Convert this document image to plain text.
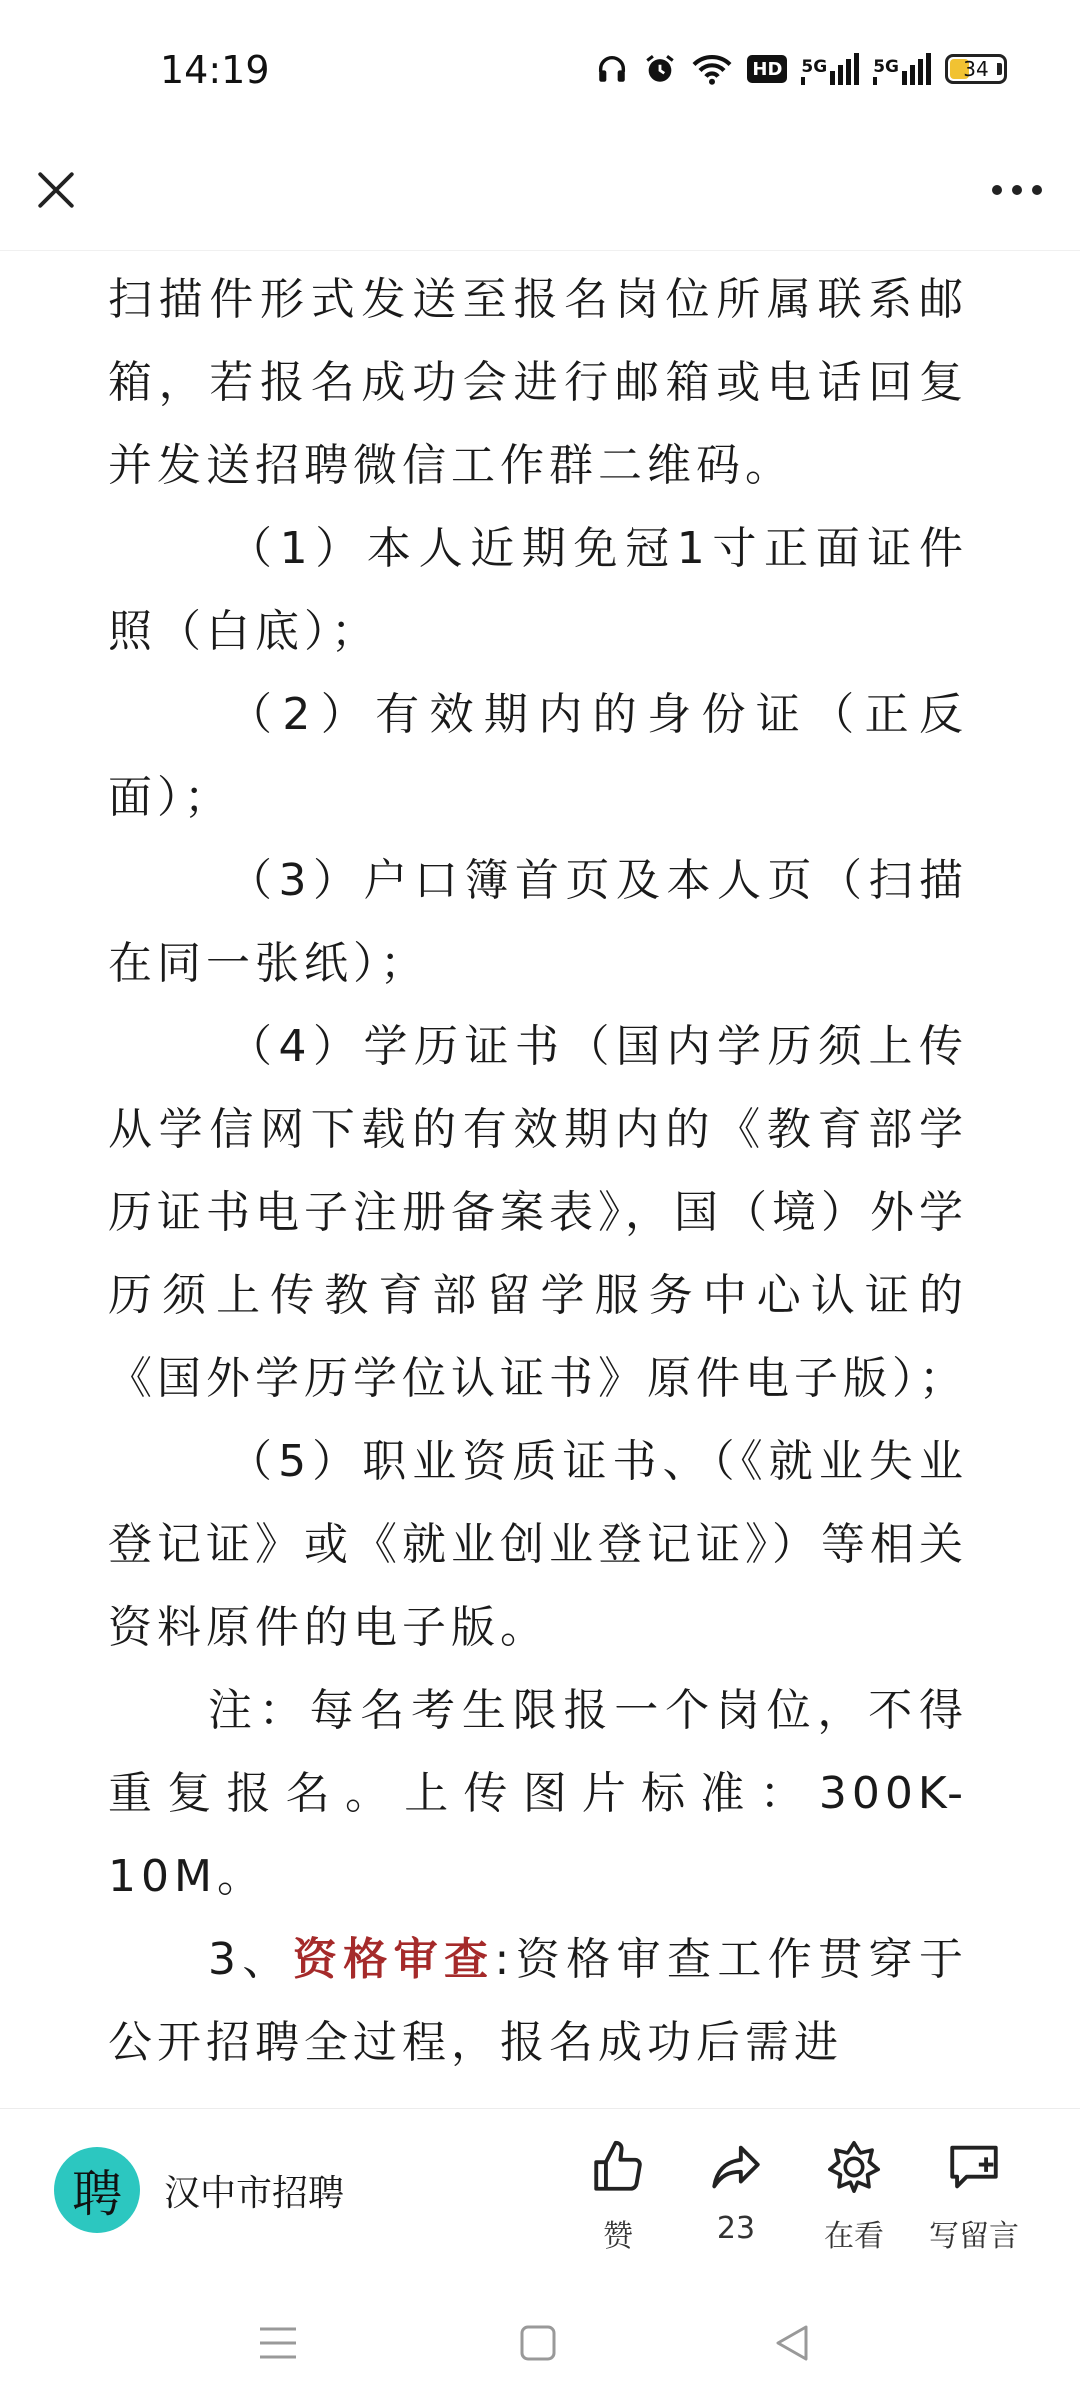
14:19	HD 5G	5G	34

扫描件形式发送至报名岗位所属联系邮箱，若报名成功会进行邮箱或电话回复并发送招聘微信工作群二维码。

（1）本人近期免冠1寸正面证件照（白底）；

（2）有效期内的身份证（正反面）；

（3）户口簿首页及本人页（扫描在同一张纸）；

（4）学历证书（国内学历须上传从学信网下载的有效期内的《教育部学历证书电子注册备案表》，国（境）外学历须上传教育部留学服务中心认证的《国外学历学位认证书》原件电子版）；

（5）职业资质证书、（《就业失业登记证》或《就业创业登记证》）等相关资料原件的电子版。

注：每名考生限报一个岗位，不得重复报名。上传图片标准：300K-10M。

3、资格审查:资格审查工作贯穿于公开招聘全过程，报名成功后需进

聘	汉中市招聘
赞	23 在看 写留言
